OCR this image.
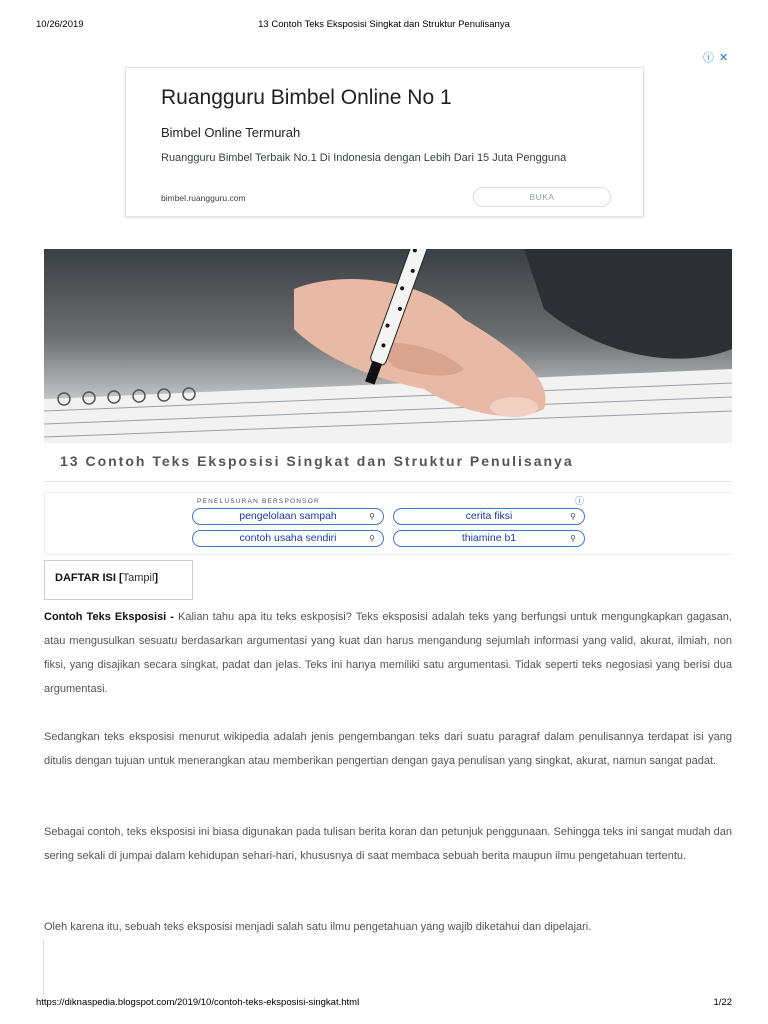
10/26/2019	13 Contoh Teks Eksposisi Singkat dan Struktur Penulisanya
ⓘ ✕
Ruangguru Bimbel Online No 1
Bimbel Online Termurah
Ruangguru Bimbel Terbaik No.1 Di Indonesia dengan Lebih Dari 15 Juta Pengguna
bimbel.ruangguru.com	BUKA
13 Contoh Teks Eksposisi Singkat dan Struktur Penulisanya
PENELUSURAN BERSPONSOR	ⓘ
pengelolaan sampah	⚲	cerita fiksi	⚲
contoh usaha sendiri	⚲	thiamine b1	⚲
DAFTAR ISI [Tampil]

Contoh Teks Eksposisi - Kalian tahu apa itu teks eskposisi? Teks eksposisi adalah teks yang berfungsi untuk mengungkapkan gagasan, atau mengusulkan sesuatu berdasarkan argumentasi yang kuat dan harus mengandung sejumlah informasi yang valid, akurat, ilmiah, non fiksi, yang disajikan secara singkat, padat dan jelas. Teks ini hanya memiliki satu argumentasi. Tidak seperti teks negosiasi yang berisi dua argumentasi.

Sedangkan teks eksposisi menurut wikipedia adalah jenis pengembangan teks dari suatu paragraf dalam penulisannya terdapat isi yang ditulis dengan tujuan untuk menerangkan atau memberikan pengertian dengan gaya penulisan yang singkat, akurat, namun sangat padat.

Sebagai contoh, teks eksposisi ini biasa digunakan pada tulisan berita koran dan petunjuk penggunaan. Sehingga teks ini sangat mudah dan sering sekali di jumpai dalam kehidupan sehari-hari, khususnya di saat membaca sebuah berita maupun ilmu pengetahuan tertentu.

Oleh karena itu, sebuah teks eksposisi menjadi salah satu ilmu pengetahuan yang wajib diketahui dan dipelajari.

https://diknaspedia.blogspot.com/2019/10/contoh-teks-eksposisi-singkat.html	1/22
